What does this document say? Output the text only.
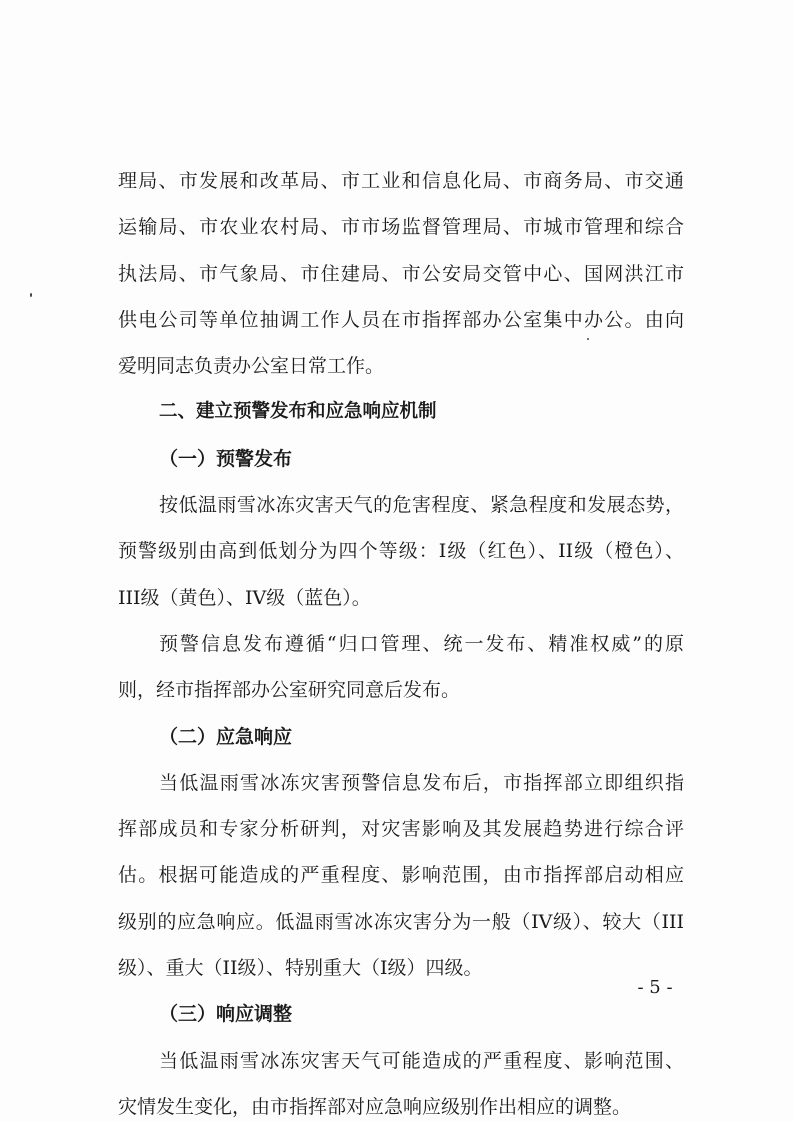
理局、市发展和改革局、市工业和信息化局、市商务局、市交通
运输局、市农业农村局、市市场监督管理局、市城市管理和综合
执法局、市气象局、市住建局、市公安局交管中心、国网洪江市
供电公司等单位抽调工作人员在市指挥部办公室集中办公。由向
爱明同志负责办公室日常工作。
二、建立预警发布和应急响应机制
（一）预警发布
按低温雨雪冰冻灾害天气的危害程度、紧急程度和发展态势，
预警级别由高到低划分为四个等级：I级（红色）、II级（橙色）、
III级（黄色）、IV级（蓝色）。
预警信息发布遵循“归口管理、统一发布、精准权威”的原
则，经市指挥部办公室研究同意后发布。
（二）应急响应
当低温雨雪冰冻灾害预警信息发布后，市指挥部立即组织指
挥部成员和专家分析研判，对灾害影响及其发展趋势进行综合评
估。根据可能造成的严重程度、影响范围，由市指挥部启动相应
级别的应急响应。低温雨雪冰冻灾害分为一般（IV级）、较大（III
级）、重大（II级）、特别重大（I级）四级。
（三）响应调整
当低温雨雪冰冻灾害天气可能造成的严重程度、影响范围、
灾情发生变化，由市指挥部对应急响应级别作出相应的调整。
- 5 -
